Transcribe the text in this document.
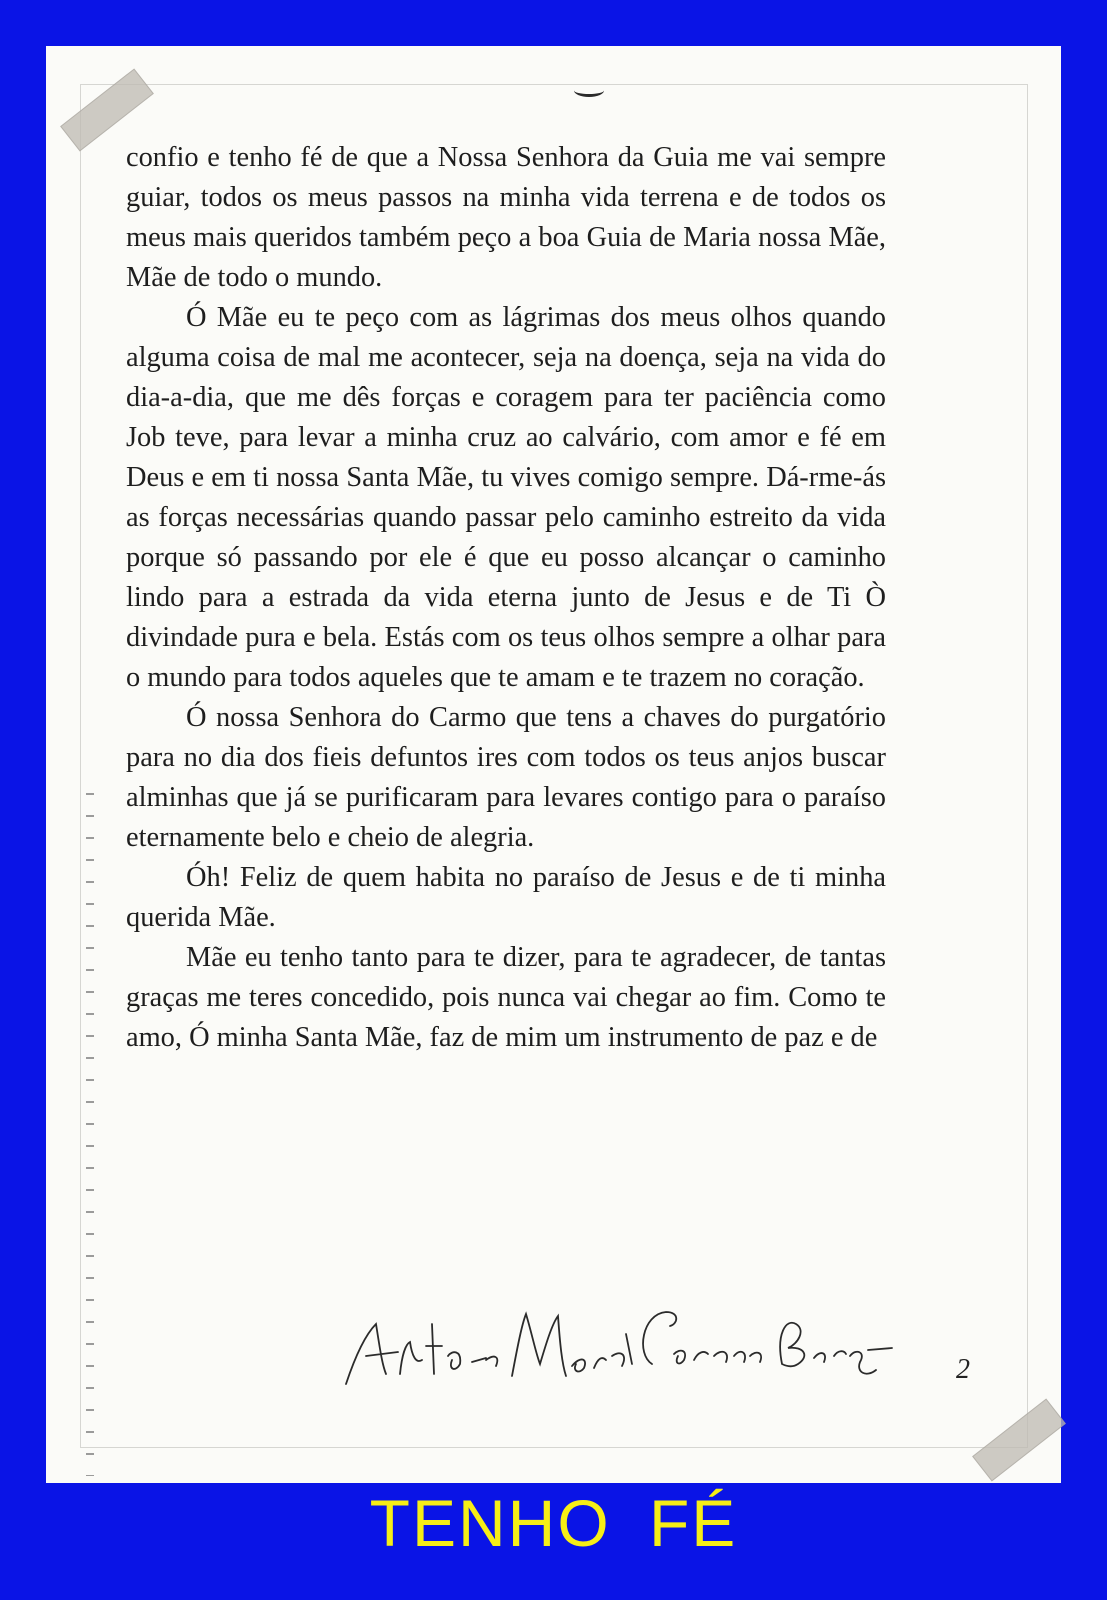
confio e tenho fé de que a Nossa Senhora da Guia me vai sempre guiar, todos os meus passos na minha vida terrena e de todos os meus mais queridos também peço a boa Guia de Maria nossa Mãe, Mãe de todo o mundo.

Ó Mãe eu te peço com as lágrimas dos meus olhos quando alguma coisa de mal me acontecer, seja na doença, seja na vida do dia-a-dia, que me dês forças e coragem para ter paciência como Job teve, para levar a minha cruz ao calvário, com amor e fé em Deus e em ti nossa Santa Mãe, tu vives comigo sempre. Dá-rme-ás as forças necessárias quando passar pelo caminho estreito da vida porque só passando por ele é que eu posso alcançar o caminho lindo para a estrada da vida eterna junto de Jesus e de Ti Ò divindade pura e bela. Estás com os teus olhos sempre a olhar para o mundo para todos aqueles que te amam e te trazem no coração.

Ó nossa Senhora do Carmo que tens a chaves do purgatório para no dia dos fieis defuntos ires com todos os teus anjos buscar alminhas que já se purificaram para levares contigo para o paraíso eternamente belo e cheio de alegria.

Óh! Feliz de quem habita no paraíso de Jesus e de ti minha querida Mãe.

Mãe eu tenho tanto para te dizer, para te agradecer, de tantas graças me teres concedido, pois nunca vai chegar ao fim. Como te amo, Ó minha Santa Mãe, faz de mim um instrumento de paz e de

2
TENHO FÉ
